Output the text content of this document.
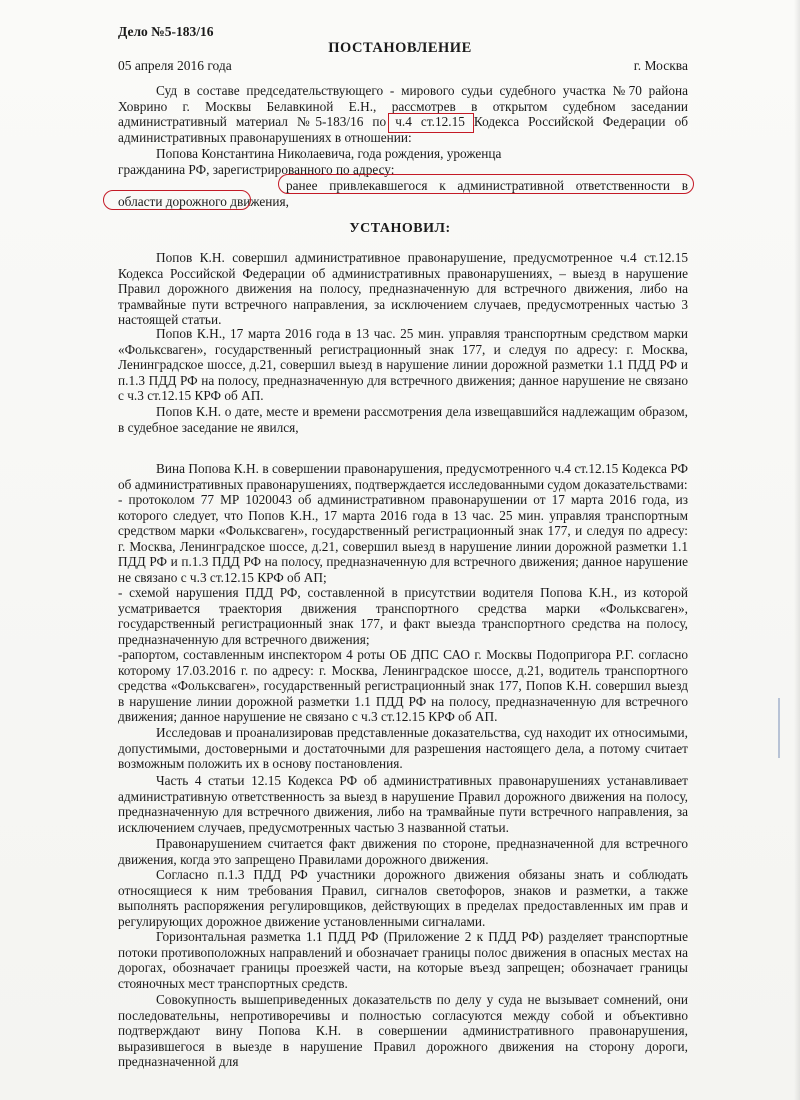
Дело №5-183/16
ПОСТАНОВЛЕНИЕ
05 апреля 2016 года	г. Москва
Суд в составе председательствующего - мирового судьи судебного участка №70 района Ховрино г. Москвы Белавкиной Е.Н., рассмотрев в открытом судебном заседании административный материал №5-183/16 по ч.4 ст.12.15 Кодекса Российской Федерации об административных правонарушениях в отношении:
Попова Константина Николаевича, года рождения, уроженца
гражданина РФ, зарегистрированного по адресу:
ранее привлекавшегося к административной ответственности в области дорожного движения,
УСТАНОВИЛ:
Попов К.Н. совершил административное правонарушение, предусмотренное ч.4 ст.12.15 Кодекса Российской Федерации об административных правонарушениях, – выезд в нарушение Правил дорожного движения на полосу, предназначенную для встречного движения, либо на трамвайные пути встречного направления, за исключением случаев, предусмотренных частью 3 настоящей статьи.
Попов К.Н., 17 марта 2016 года в 13 час. 25 мин. управляя транспортным средством марки «Фольксваген», государственный регистрационный знак 177, и следуя по адресу: г. Москва, Ленинградское шоссе, д.21, совершил выезд в нарушение линии дорожной разметки 1.1 ПДД РФ и п.1.3 ПДД РФ на полосу, предназначенную для встречного движения; данное нарушение не связано с ч.3 ст.12.15 КРФ об АП.
Попов К.Н. о дате, месте и времени рассмотрения дела извещавшийся надлежащим образом, в судебное заседание не явился,
Вина Попова К.Н. в совершении правонарушения, предусмотренного ч.4 ст.12.15 Кодекса РФ об административных правонарушениях, подтверждается исследованными судом доказательствами:
- протоколом 77 МР 1020043 об административном правонарушении от 17 марта 2016 года, из которого следует, что Попов К.Н., 17 марта 2016 года в 13 час. 25 мин. управляя транспортным средством марки «Фольксваген», государственный регистрационный знак 177, и следуя по адресу: г. Москва, Ленинградское шоссе, д.21, совершил выезд в нарушение линии дорожной разметки 1.1 ПДД РФ и п.1.3 ПДД РФ на полосу, предназначенную для встречного движения; данное нарушение не связано с ч.3 ст.12.15 КРФ об АП;
- схемой нарушения ПДД РФ, составленной в присутствии водителя Попова К.Н., из которой усматривается траектория движения транспортного средства марки «Фольксваген», государственный регистрационный знак 177, и факт выезда транспортного средства на полосу, предназначенную для встречного движения;
-рапортом, составленным инспектором 4 роты ОБ ДПС САО г. Москвы Подопригора Р.Г. согласно которому 17.03.2016 г. по адресу: г. Москва, Ленинградское шоссе, д.21, водитель транспортного средства «Фольксваген», государственный регистрационный знак 177, Попов К.Н. совершил выезд в нарушение линии дорожной разметки 1.1 ПДД РФ на полосу, предназначенную для встречного движения; данное нарушение не связано с ч.3 ст.12.15 КРФ об АП.
Исследовав и проанализировав представленные доказательства, суд находит их относимыми, допустимыми, достоверными и достаточными для разрешения настоящего дела, а потому считает возможным положить их в основу постановления.
Часть 4 статьи 12.15 Кодекса РФ об административных правонарушениях устанавливает административную ответственность за выезд в нарушение Правил дорожного движения на полосу, предназначенную для встречного движения, либо на трамвайные пути встречного направления, за исключением случаев, предусмотренных частью 3 названной статьи.
Правонарушением считается факт движения по стороне, предназначенной для встречного движения, когда это запрещено Правилами дорожного движения.
Согласно п.1.3 ПДД РФ участники дорожного движения обязаны знать и соблюдать относящиеся к ним требования Правил, сигналов светофоров, знаков и разметки, а также выполнять распоряжения регулировщиков, действующих в пределах предоставленных им прав и регулирующих дорожное движение установленными сигналами.
Горизонтальная разметка 1.1 ПДД РФ (Приложение 2 к ПДД РФ) разделяет транспортные потоки противоположных направлений и обозначает границы полос движения в опасных местах на дорогах, обозначает границы проезжей части, на которые въезд запрещен; обозначает границы стояночных мест транспортных средств.
Совокупность вышеприведенных доказательств по делу у суда не вызывает сомнений, они последовательны, непротиворечивы и полностью согласуются между собой и объективно подтверждают вину Попова К.Н. в совершении административного правонарушения, выразившегося в выезде в нарушение Правил дорожного движения на сторону дороги, предназначенной для
